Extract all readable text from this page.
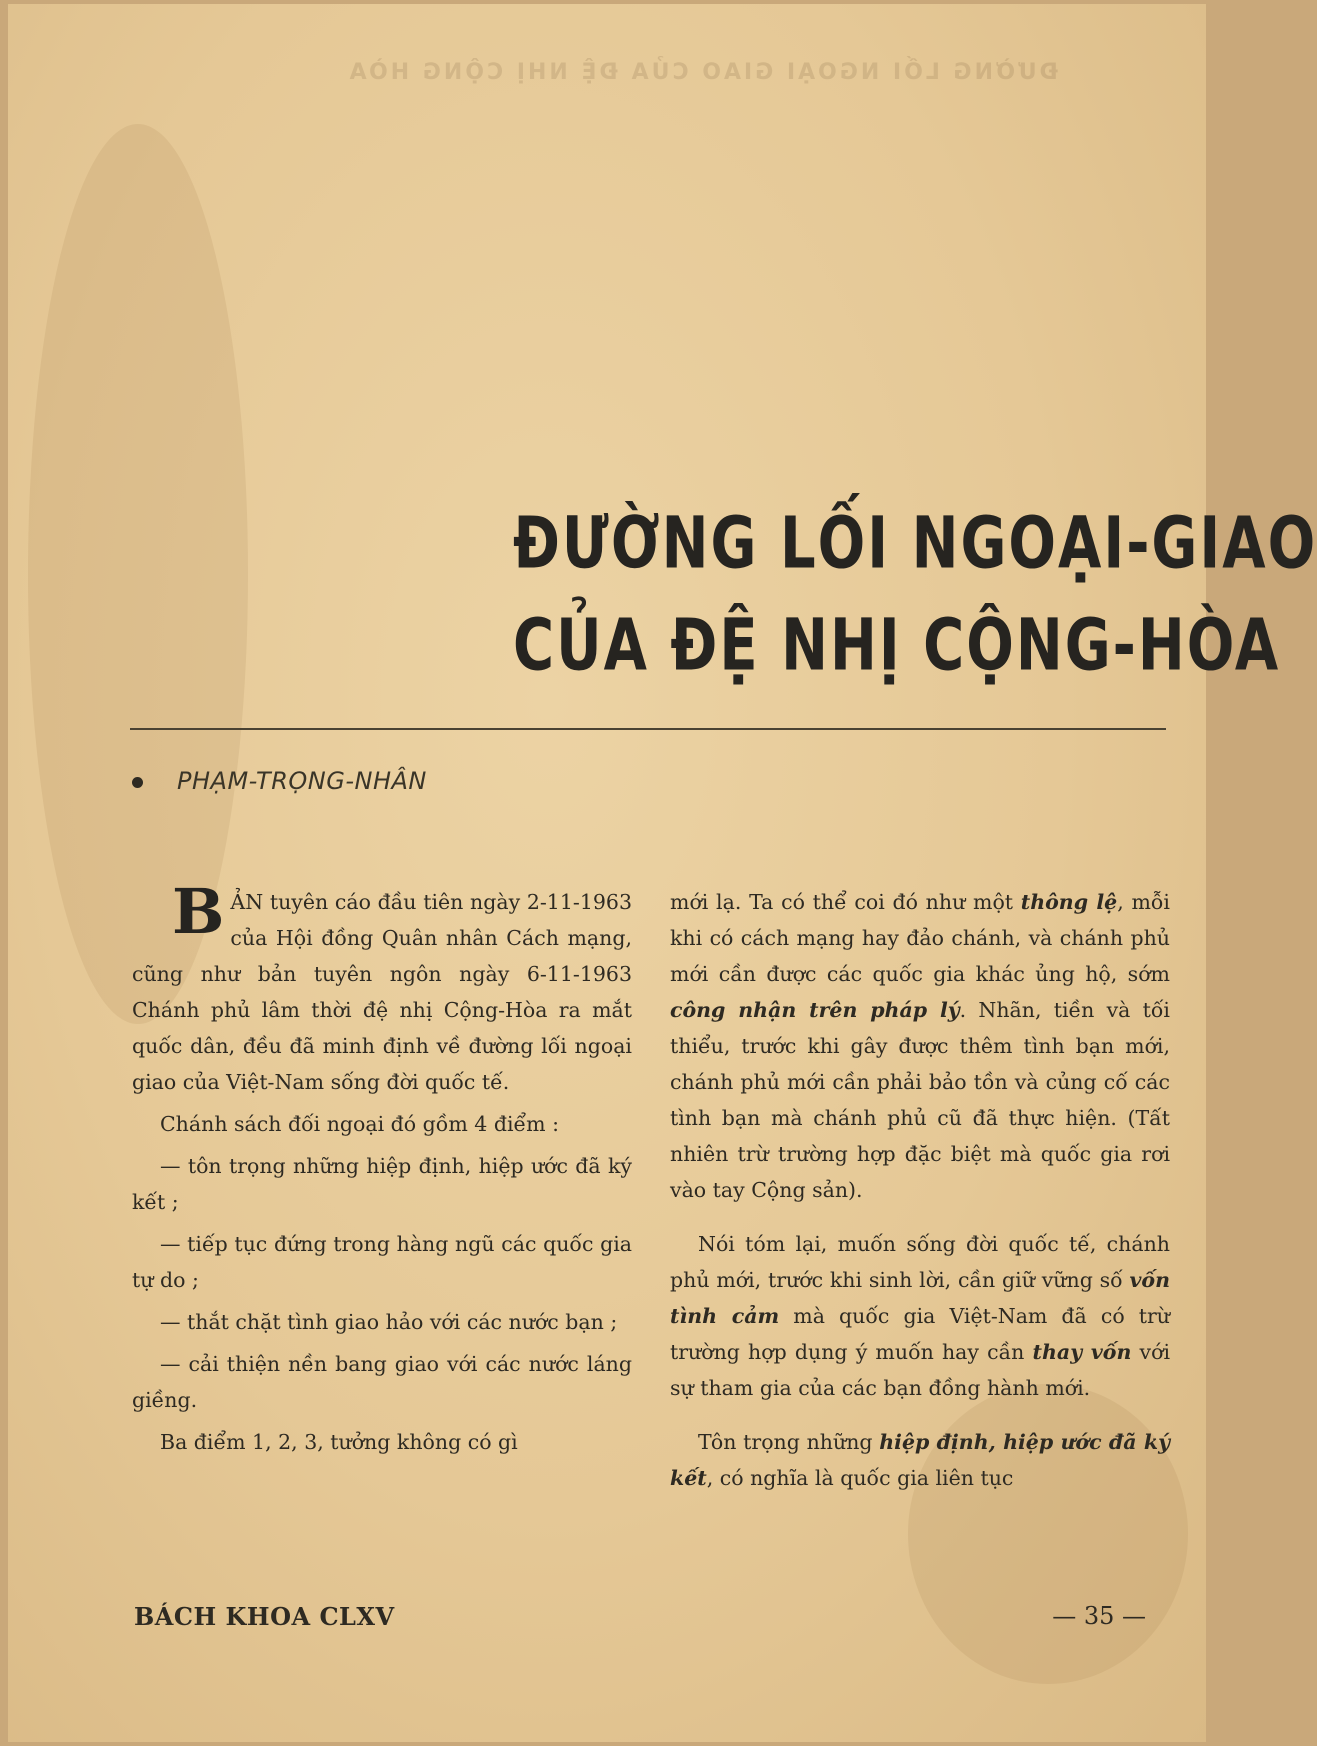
ĐƯỜNG LỐI NGOẠI GIAO CỦA ĐỆ NHỊ CỘNG HÒA
ĐƯỜNG LỐI NGOẠI-GIAO
CỦA ĐỆ NHỊ CỘNG-HÒA
PHẠM-TRỌNG-NHÂN

BẢN tuyên cáo đầu tiên ngày 2-11-1963 của Hội đồng Quân nhân Cách mạng, cũng như bản tuyên ngôn ngày 6-11-1963 Chánh phủ lâm thời đệ nhị Cộng-Hòa ra mắt quốc dân, đều đã minh định về đường lối ngoại giao của Việt-Nam sống đời quốc tế.

Chánh sách đối ngoại đó gồm 4 điểm :

— tôn trọng những hiệp định, hiệp ước đã ký kết ;

— tiếp tục đứng trong hàng ngũ các quốc gia tự do ;

— thắt chặt tình giao hảo với các nước bạn ;

— cải thiện nền bang giao với các nước láng giềng.

Ba điểm 1, 2, 3, tưởng không có gì

mới lạ. Ta có thể coi đó như một thông lệ, mỗi khi có cách mạng hay đảo chánh, và chánh phủ mới cần được các quốc gia khác ủng hộ, sớm công nhận trên pháp lý. Nhãn, tiền và tối thiểu, trước khi gây được thêm tình bạn mới, chánh phủ mới cần phải bảo tồn và củng cố các tình bạn mà chánh phủ cũ đã thực hiện. (Tất nhiên trừ trường hợp đặc biệt mà quốc gia rơi vào tay Cộng sản).

Nói tóm lại, muốn sống đời quốc tế, chánh phủ mới, trước khi sinh lời, cần giữ vững số vốn tình cảm mà quốc gia Việt-Nam đã có trừ trường hợp dụng ý muốn hay cần thay vốn với sự tham gia của các bạn đồng hành mới.

Tôn trọng những hiệp định, hiệp ước đã ký kết, có nghĩa là quốc gia liên tục

BÁCH KHOA CLXV	— 35 —
